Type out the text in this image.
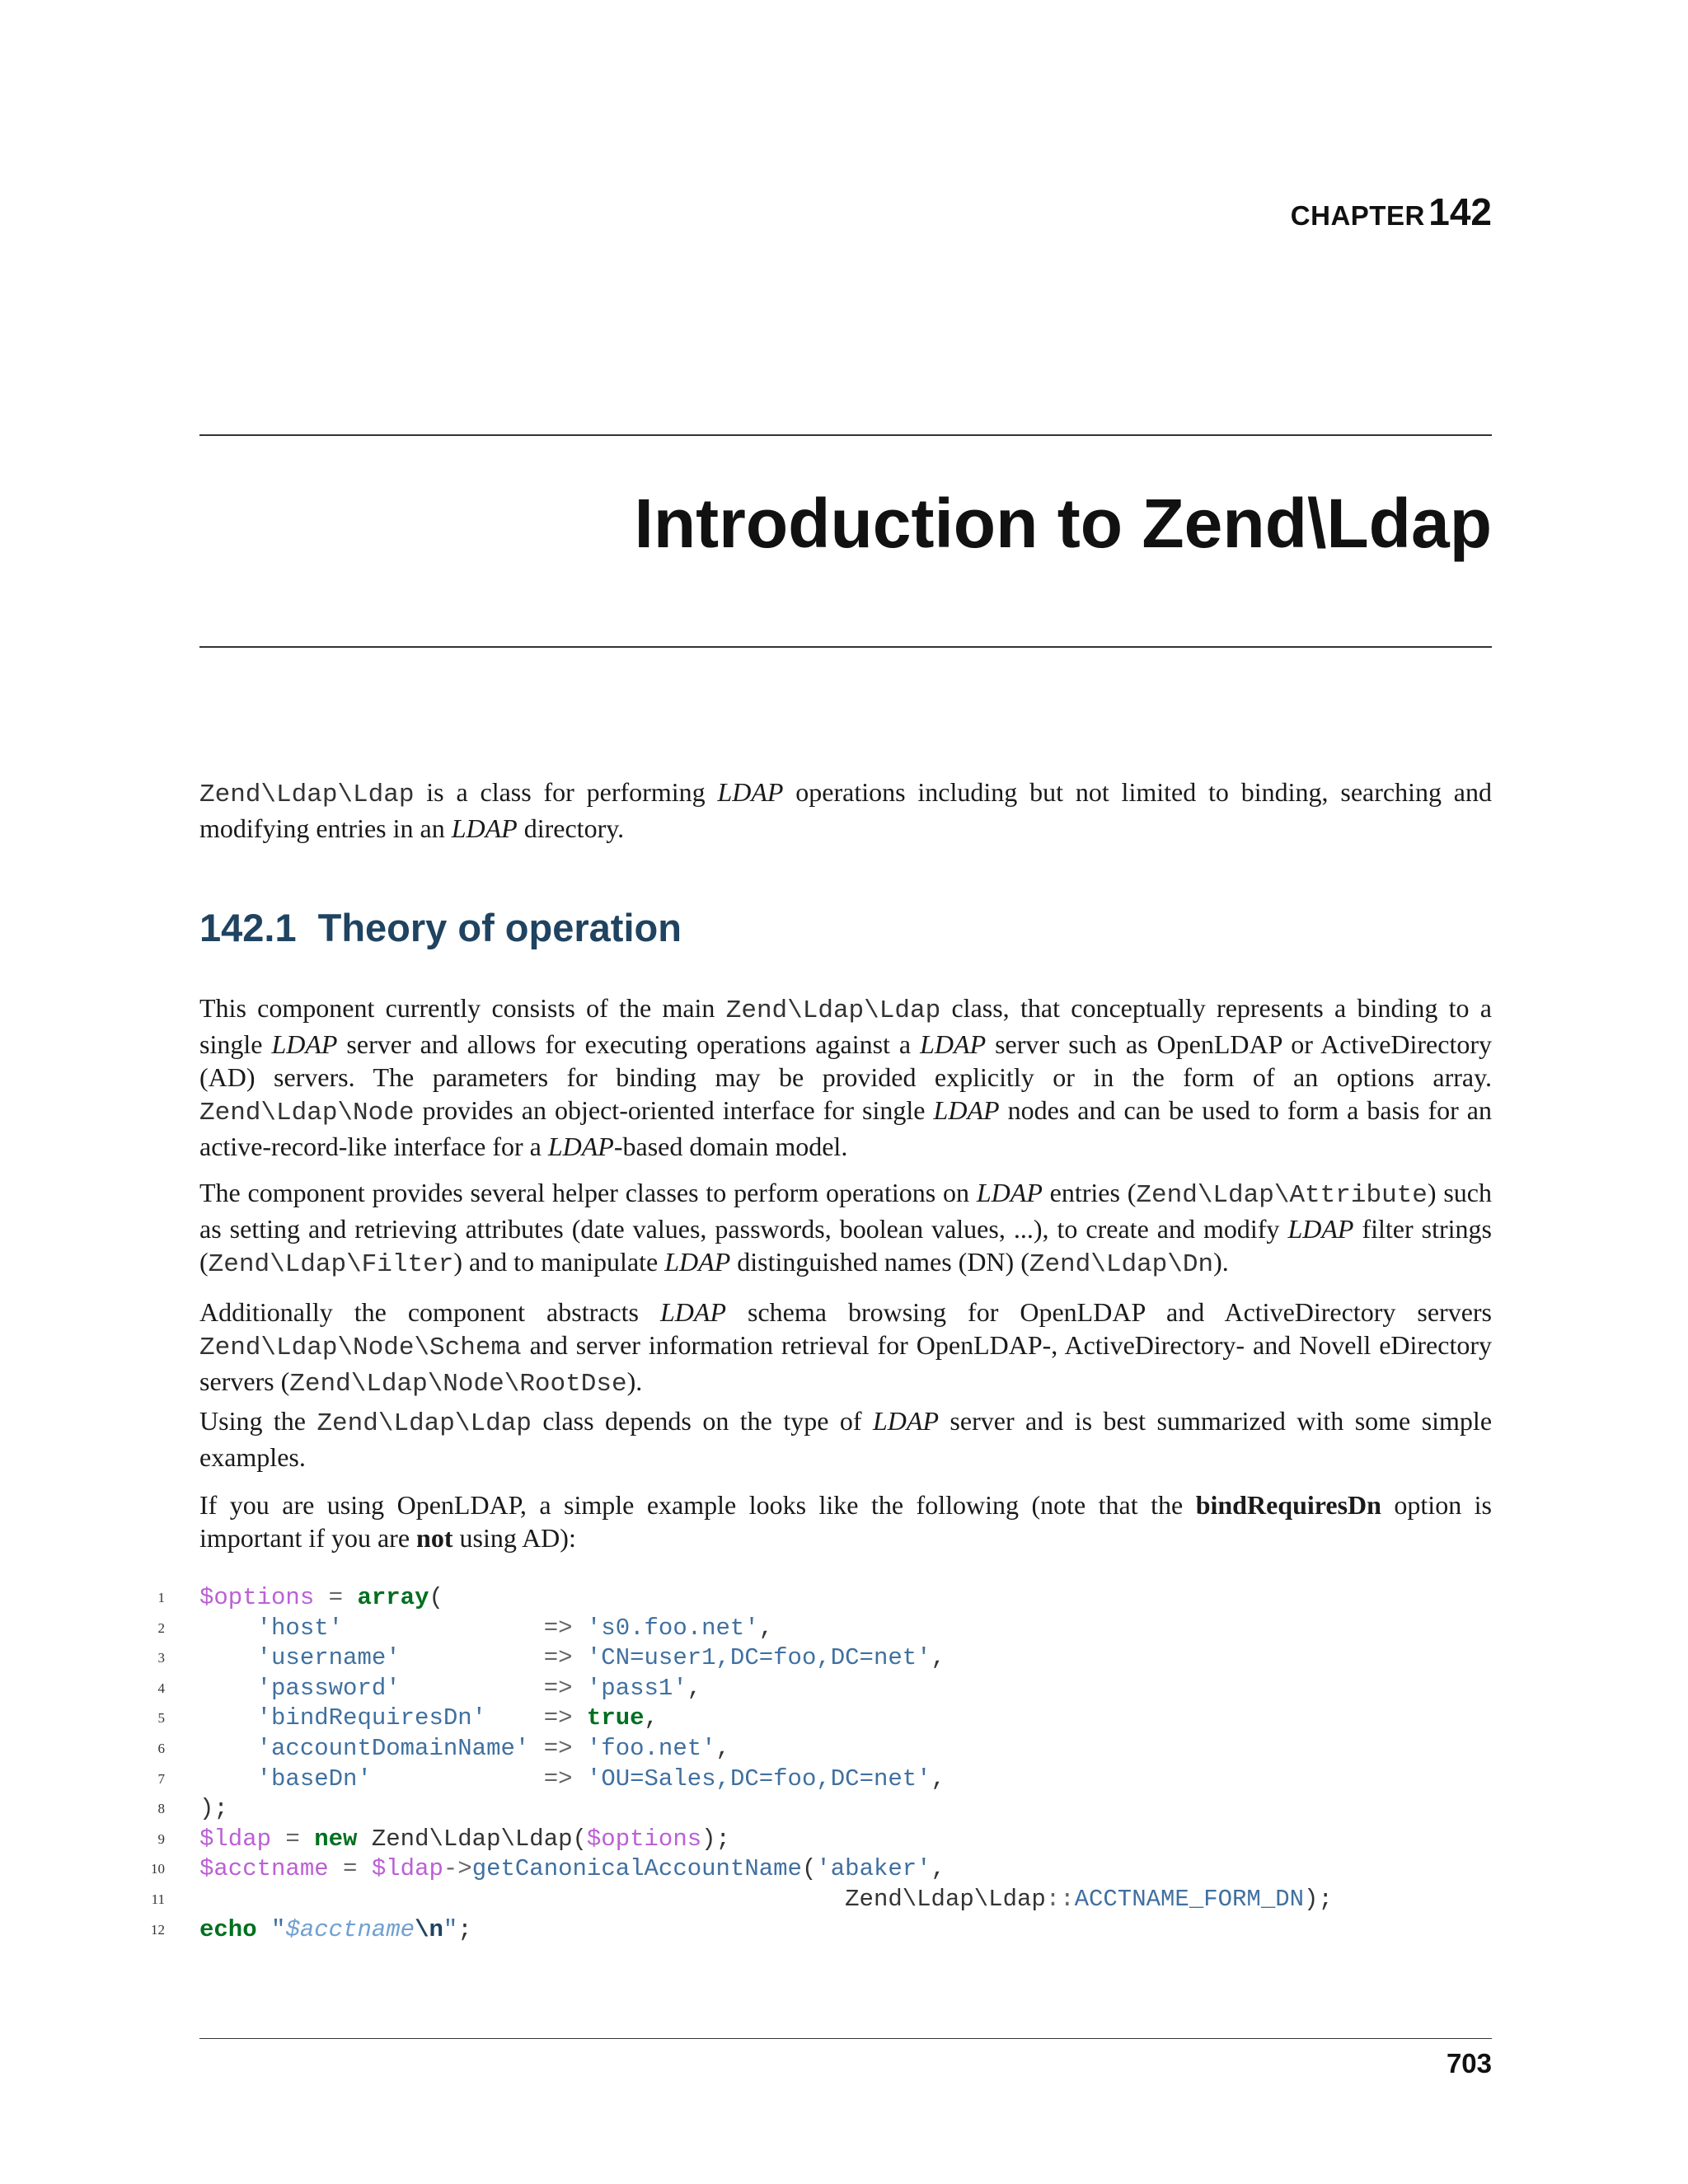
CHAPTER 142
Introduction to Zend\Ldap

Zend\Ldap\Ldap is a class for performing LDAP operations including but not limited to binding, searching and modifying entries in an LDAP directory.

142.1 Theory of operation

This component currently consists of the main Zend\Ldap\Ldap class, that conceptually represents a binding to a single LDAP server and allows for executing operations against a LDAP server such as OpenLDAP or ActiveDirectory (AD) servers. The parameters for binding may be provided explicitly or in the form of an options array. Zend\Ldap\Node provides an object-oriented interface for single LDAP nodes and can be used to form a basis for an active-record-like interface for a LDAP-based domain model.

The component provides several helper classes to perform operations on LDAP entries (Zend\Ldap\Attribute) such as setting and retrieving attributes (date values, passwords, boolean values, ...), to create and modify LDAP filter strings (Zend\Ldap\Filter) and to manipulate LDAP distinguished names (DN) (Zend\Ldap\Dn).

Additionally the component abstracts LDAP schema browsing for OpenLDAP and ActiveDirectory servers Zend\Ldap\Node\Schema and server information retrieval for OpenLDAP-, ActiveDirectory- and Novell eDirectory servers (Zend\Ldap\Node\RootDse).

Using the Zend\Ldap\Ldap class depends on the type of LDAP server and is best summarized with some simple examples.

If you are using OpenLDAP, a simple example looks like the following (note that the bindRequiresDn option is important if you are not using AD):

1 $options = array(
2	'host'	=> 's0.foo.net',
3	'username'	=> 'CN=user1,DC=foo,DC=net',
4	'password'	=> 'pass1',
5	'bindRequiresDn' => true,
6	'accountDomainName' => 'foo.net',
7	'baseDn'	=> 'OU=Sales,DC=foo,DC=net',
8 );
9 $ldap = new Zend\Ldap\Ldap($options);
10 $acctname = $ldap->getCanonicalAccountName('abaker',
11	Zend\Ldap\Ldap::ACCTNAME_FORM_DN);
12 echo "$acctname\n";
703
